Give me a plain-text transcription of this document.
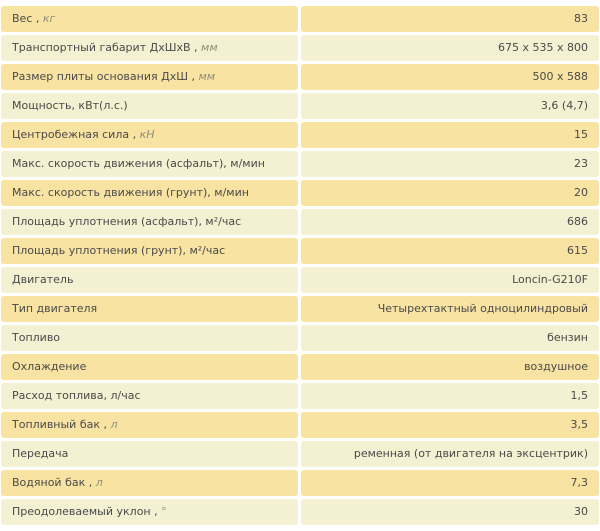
Вес , кг	83
Транспортный габарит ДхШхВ , мм	675 x 535 x 800
Размер плиты основания ДхШ , мм	500 x 588
Мощность, кВт(л.с.)	3,6 (4,7)
Центробежная сила , кН	15
Макс. скорость движения (асфальт), м/мин	23
Макс. скорость движения (грунт), м/мин	20
Площадь уплотнения (асфальт), м²/час	686
Площадь уплотнения (грунт), м²/час	615
Двигатель	Loncin-G210F
Тип двигателя	Четырехтактный одноцилиндровый
Топливо	бензин
Охлаждение	воздушное
Расход топлива, л/час	1,5
Топливный бак , л	3,5
Передача	ременная (от двигателя на эксцентрик)
Водяной бак , л	7,3
Преодолеваемый уклон , °	30
